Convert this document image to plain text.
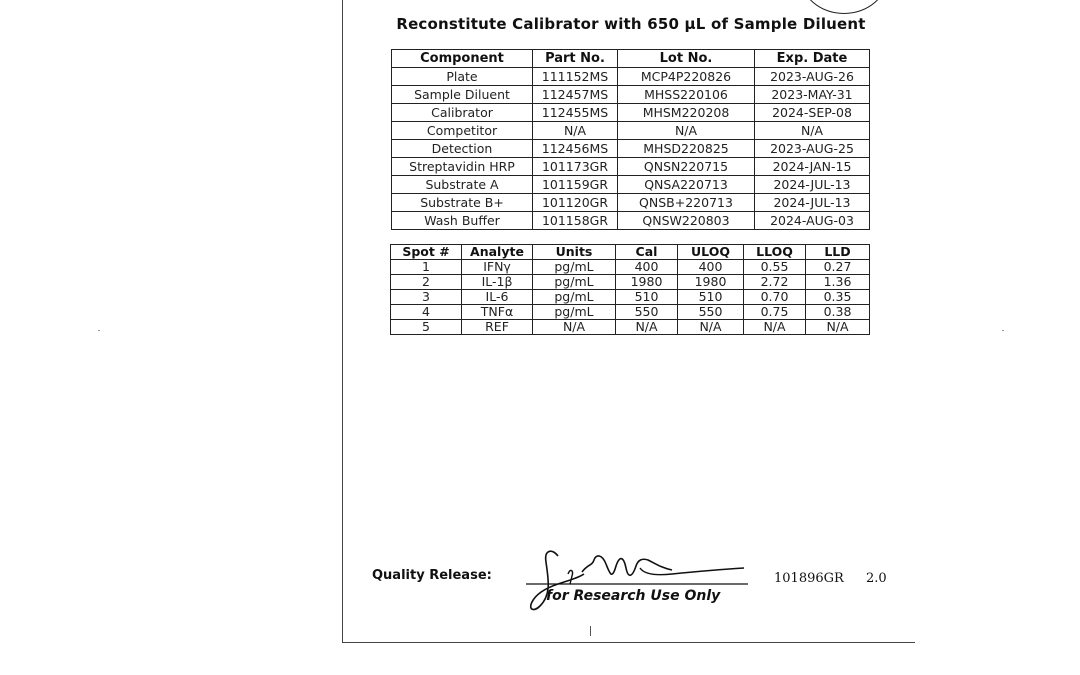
Reconstitute Calibrator with 650 µL of Sample Diluent
Component	Part No.	Lot No.	Exp. Date
Plate	111152MS	MCP4P220826	2023-AUG-26
Sample Diluent	112457MS	MHSS220106	2023-MAY-31
Calibrator	112455MS	MHSM220208	2024-SEP-08
Competitor	N/A	N/A	N/A
Detection	112456MS	MHSD220825	2023-AUG-25
Streptavidin HRP	101173GR	QNSN220715	2024-JAN-15
Substrate A	101159GR	QNSA220713	2024-JUL-13
Substrate B+	101120GR	QNSB+220713	2024-JUL-13
Wash Buffer	101158GR	QNSW220803	2024-AUG-03
Spot #	Analyte	Units	Cal	ULOQ	LLOQ	LLD
1	IFNγ	pg/mL	400	400	0.55	0.27
2	IL-1β	pg/mL	1980	1980	2.72	1.36
3	IL-6	pg/mL	510	510	0.70	0.35
4	TNFα	pg/mL	550	550	0.75	0.38
5	REF	N/A	N/A	N/A	N/A	N/A
Quality Release:
for Research Use Only
101896GR 2.0
